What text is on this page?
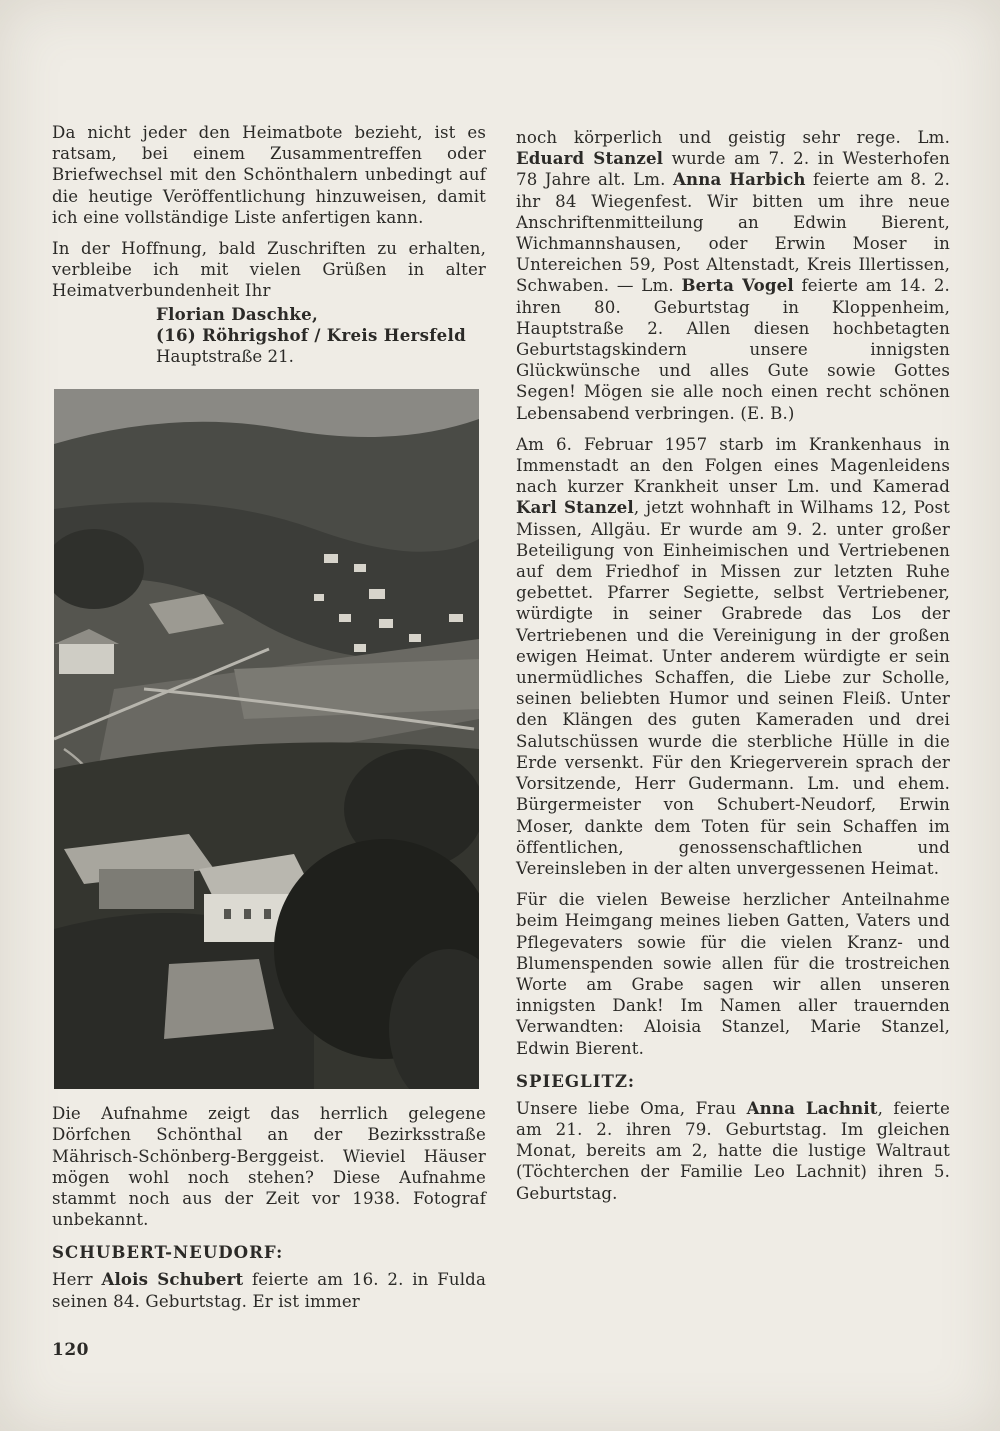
Da nicht jeder den Heimatbote bezieht, ist es ratsam, bei einem Zusammentreffen oder Briefwechsel mit den Schönthalern unbedingt auf die heutige Veröffentlichung hinzuweisen, damit ich eine vollständige Liste anfertigen kann.

In der Hoffnung, bald Zuschriften zu erhalten, verbleibe ich mit vielen Grüßen in alter Heimatverbundenheit Ihr

Florian Daschke,
(16) Röhrigshof / Kreis Hersfeld
Hauptstraße 21.

Die Aufnahme zeigt das herrlich gelegene Dörfchen Schönthal an der Bezirksstraße Mährisch-Schönberg-Berggeist. Wieviel Häuser mögen wohl noch stehen? Diese Aufnahme stammt noch aus der Zeit vor 1938. Fotograf unbekannt.

SCHUBERT-NEUDORF:

Herr Alois Schubert feierte am 16. 2. in Fulda seinen 84. Geburtstag. Er ist immer

noch körperlich und geistig sehr rege. Lm. Eduard Stanzel wurde am 7. 2. in Westerhofen 78 Jahre alt. Lm. Anna Harbich feierte am 8. 2. ihr 84 Wiegenfest. Wir bitten um ihre neue Anschriftenmitteilung an Edwin Bierent, Wichmannshausen, oder Erwin Moser in Untereichen 59, Post Altenstadt, Kreis Illertissen, Schwaben. — Lm. Berta Vogel feierte am 14. 2. ihren 80. Geburtstag in Kloppenheim, Hauptstraße 2. Allen diesen hochbetagten Geburtstagskindern unsere innigsten Glückwünsche und alles Gute sowie Gottes Segen! Mögen sie alle noch einen recht schönen Lebensabend verbringen. (E. B.)

Am 6. Februar 1957 starb im Krankenhaus in Immenstadt an den Folgen eines Magenleidens nach kurzer Krankheit unser Lm. und Kamerad Karl Stanzel, jetzt wohnhaft in Wilhams 12, Post Missen, Allgäu. Er wurde am 9. 2. unter großer Beteiligung von Einheimischen und Vertriebenen auf dem Friedhof in Missen zur letzten Ruhe gebettet. Pfarrer Segiette, selbst Vertriebener, würdigte in seiner Grabrede das Los der Vertriebenen und die Vereinigung in der großen ewigen Heimat. Unter anderem würdigte er sein unermüdliches Schaffen, die Liebe zur Scholle, seinen beliebten Humor und seinen Fleiß. Unter den Klängen des guten Kameraden und drei Salutschüssen wurde die sterbliche Hülle in die Erde versenkt. Für den Kriegerverein sprach der Vorsitzende, Herr Gudermann. Lm. und ehem. Bürgermeister von Schubert-Neudorf, Erwin Moser, dankte dem Toten für sein Schaffen im öffentlichen, genossenschaftlichen und Vereinsleben in der alten unvergessenen Heimat.

Für die vielen Beweise herzlicher Anteilnahme beim Heimgang meines lieben Gatten, Vaters und Pflegevaters sowie für die vielen Kranz- und Blumenspenden sowie allen für die trostreichen Worte am Grabe sagen wir allen unseren innigsten Dank! Im Namen aller trauernden Verwandten: Aloisia Stanzel, Marie Stanzel, Edwin Bierent.

SPIEGLITZ:

Unsere liebe Oma, Frau Anna Lachnit, feierte am 21. 2. ihren 79. Geburtstag. Im gleichen Monat, bereits am 2, hatte die lustige Waltraut (Töchterchen der Familie Leo Lachnit) ihren 5. Geburtstag.

120
